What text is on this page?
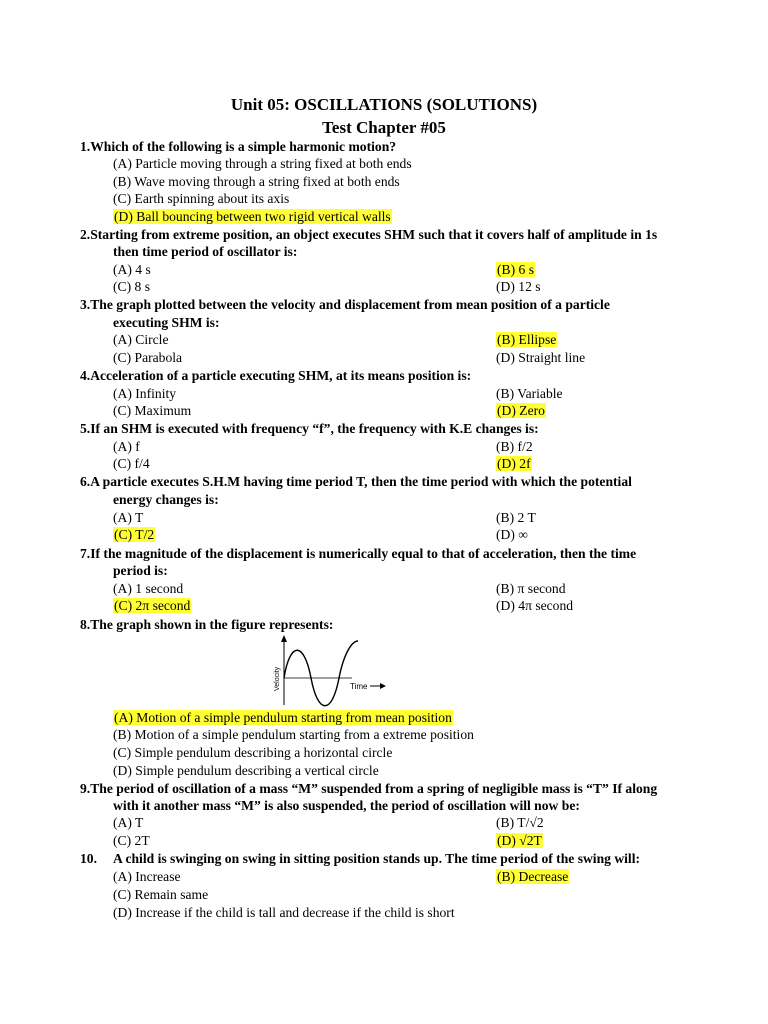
Unit 05: OSCILLATIONS (SOLUTIONS)
Test Chapter #05
1.Which of the following is a simple harmonic motion?
(A) Particle moving through a string fixed at both ends
(B) Wave moving through a string fixed at both ends
(C) Earth spinning about its axis
(D) Ball bouncing between two rigid vertical walls
2.Starting from extreme position, an object executes SHM such that it covers half of amplitude in 1s
then time period of oscillator is:
(A) 4 s	(B) 6 s
(C) 8 s	(D) 12 s
3.The graph plotted between the velocity and displacement from mean position of a particle
executing SHM is:
(A) Circle	(B) Ellipse
(C) Parabola	(D) Straight line
4.Acceleration of a particle executing SHM, at its means position is:
(A) Infinity	(B) Variable
(C) Maximum	(D) Zero
5.If an SHM is executed with frequency “f”, the frequency with K.E changes is:
(A) f	(B) f/2
(C) f/4	(D) 2f
6.A particle executes S.H.M having time period T, then the time period with which the potential
energy changes is:
(A) T	(B) 2 T
(C) T/2	(D) ∞
7.If the magnitude of the displacement is numerically equal to that of acceleration, then the time
period is:
(A) 1 second	(B) π second
(C) 2π second	(D) 4π second
8.The graph shown in the figure represents:
Velocity	Time
(A) Motion of a simple pendulum starting from mean position
(B) Motion of a simple pendulum starting from a extreme position
(C) Simple pendulum describing a horizontal circle
(D) Simple pendulum describing a vertical circle
9.The period of oscillation of a mass “M” suspended from a spring of negligible mass is “T” If along
with it another mass “M” is also suspended, the period of oscillation will now be:
(A) T	(B) T/√2
(C) 2T	(D) √2T
10. A child is swinging on swing in sitting position stands up. The time period of the swing will:
(A) Increase	(B) Decrease
(C) Remain same
(D) Increase if the child is tall and decrease if the child is short
